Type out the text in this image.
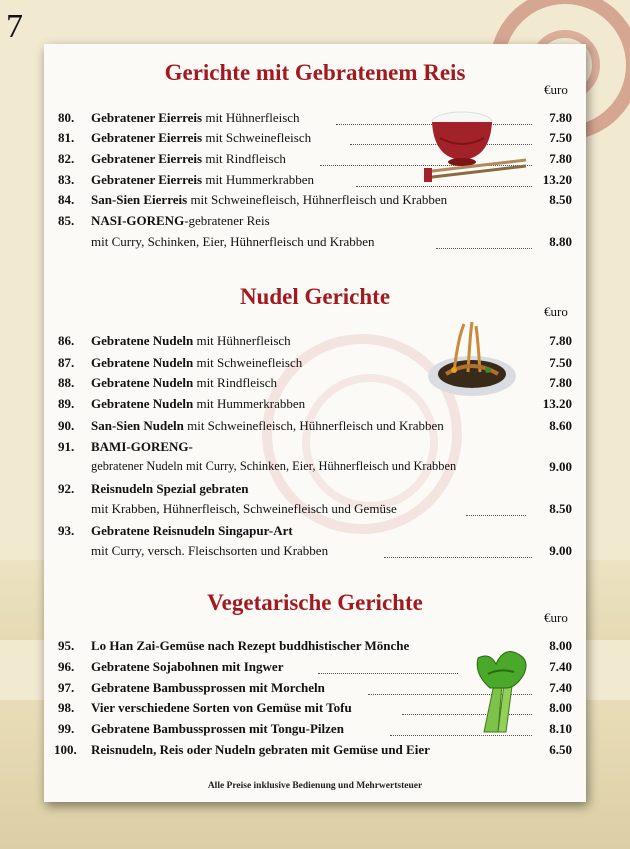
7
Gerichte mit Gebratenem Reis
€uro
80. Gebratener Eierreis mit Hühnerfleisch	7.80
81. Gebratener Eierreis mit Schweinefleisch	7.50
82. Gebratener Eierreis mit Rindfleisch	7.80
83. Gebratener Eierreis mit Hummerkrabben	13.20
84. San-Sien Eierreis mit Schweinefleisch, Hühnerfleisch und Krabben	8.50
85. NASI-GORENG-gebratener Reis
mit Curry, Schinken, Eier, Hühnerfleisch und Krabben	8.80
Nudel Gerichte
€uro
86. Gebratene Nudeln mit Hühnerfleisch	7.80
87. Gebratene Nudeln mit Schweinefleisch	7.50
88. Gebratene Nudeln mit Rindfleisch	7.80
89. Gebratene Nudeln mit Hummerkrabben	13.20
90. San-Sien Nudeln mit Schweinefleisch, Hühnerfleisch und Krabben	8.60
91. BAMI-GORENG-
gebratener Nudeln mit Curry, Schinken, Eier, Hühnerfleisch und Krabben	9.00
92. Reisnudeln Spezial gebraten
mit Krabben, Hühnerfleisch, Schweinefleisch und Gemüse	8.50
93. Gebratene Reisnudeln Singapur-Art
mit Curry, versch. Fleischsorten und Krabben	9.00
Vegetarische Gerichte
€uro
95. Lo Han Zai-Gemüse nach Rezept buddhistischer Mönche	8.00
96. Gebratene Sojabohnen mit Ingwer	7.40
97. Gebratene Bambussprossen mit Morcheln	7.40
98. Vier verschiedene Sorten von Gemüse mit Tofu	8.00
99. Gebratene Bambussprossen mit Tongu-Pilzen	8.10
100. Reisnudeln, Reis oder Nudeln gebraten mit Gemüse und Eier	6.50
Alle Preise inklusive Bedienung und Mehrwertsteuer
